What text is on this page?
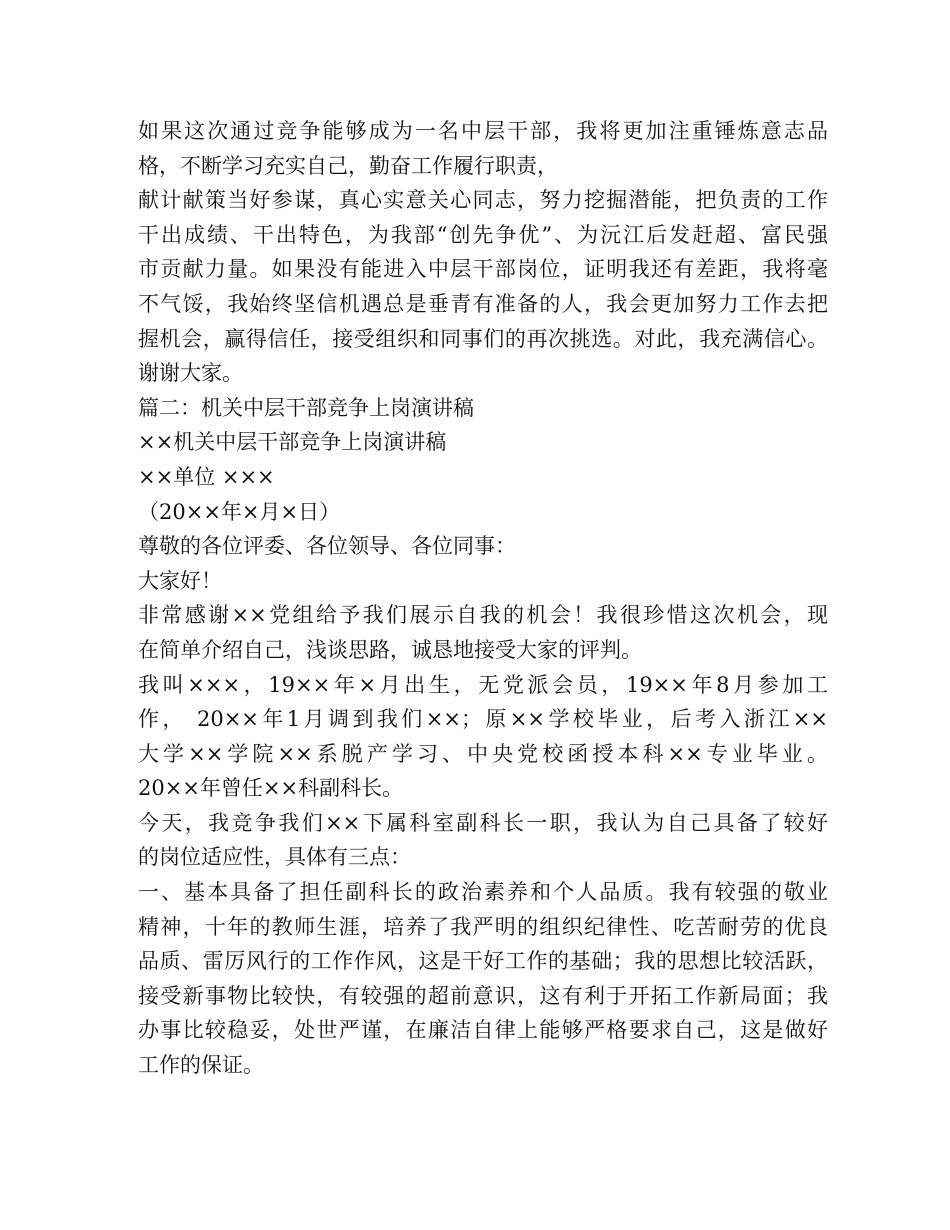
如果这次通过竞争能够成为一名中层干部，我将更加注重锤炼意志品
格，不断学习充实自己，勤奋工作履行职责，
献计献策当好参谋，真心实意关心同志，努力挖掘潜能，把负责的工作
干出成绩、干出特色，为我部“创先争优”、为沅江后发赶超、富民强
市贡献力量。如果没有能进入中层干部岗位，证明我还有差距，我将毫
不气馁，我始终坚信机遇总是垂青有准备的人，我会更加努力工作去把
握机会，赢得信任，接受组织和同事们的再次挑选。对此，我充满信心。
谢谢大家。
篇二：机关中层干部竞争上岗演讲稿
××机关中层干部竞争上岗演讲稿
××单位 ×××
（20××年×月×日）
尊敬的各位评委、各位领导、各位同事：
大家好！
非常感谢××党组给予我们展示自我的机会！我很珍惜这次机会，现
在简单介绍自己，浅谈思路，诚恳地接受大家的评判。
我叫×××，19××年×月出生，无党派会员，19××年8月参加工
作， 20××年1月调到我们××；原××学校毕业，后考入浙江××
大学××学院××系脱产学习、中央党校函授本科××专业毕业。
20××年曾任××科副科长。
今天，我竞争我们××下属科室副科长一职，我认为自己具备了较好
的岗位适应性，具体有三点：
一、基本具备了担任副科长的政治素养和个人品质。我有较强的敬业
精神，十年的教师生涯，培养了我严明的组织纪律性、吃苦耐劳的优良
品质、雷厉风行的工作作风，这是干好工作的基础；我的思想比较活跃，
接受新事物比较快，有较强的超前意识，这有利于开拓工作新局面；我
办事比较稳妥，处世严谨，在廉洁自律上能够严格要求自己，这是做好
工作的保证。
